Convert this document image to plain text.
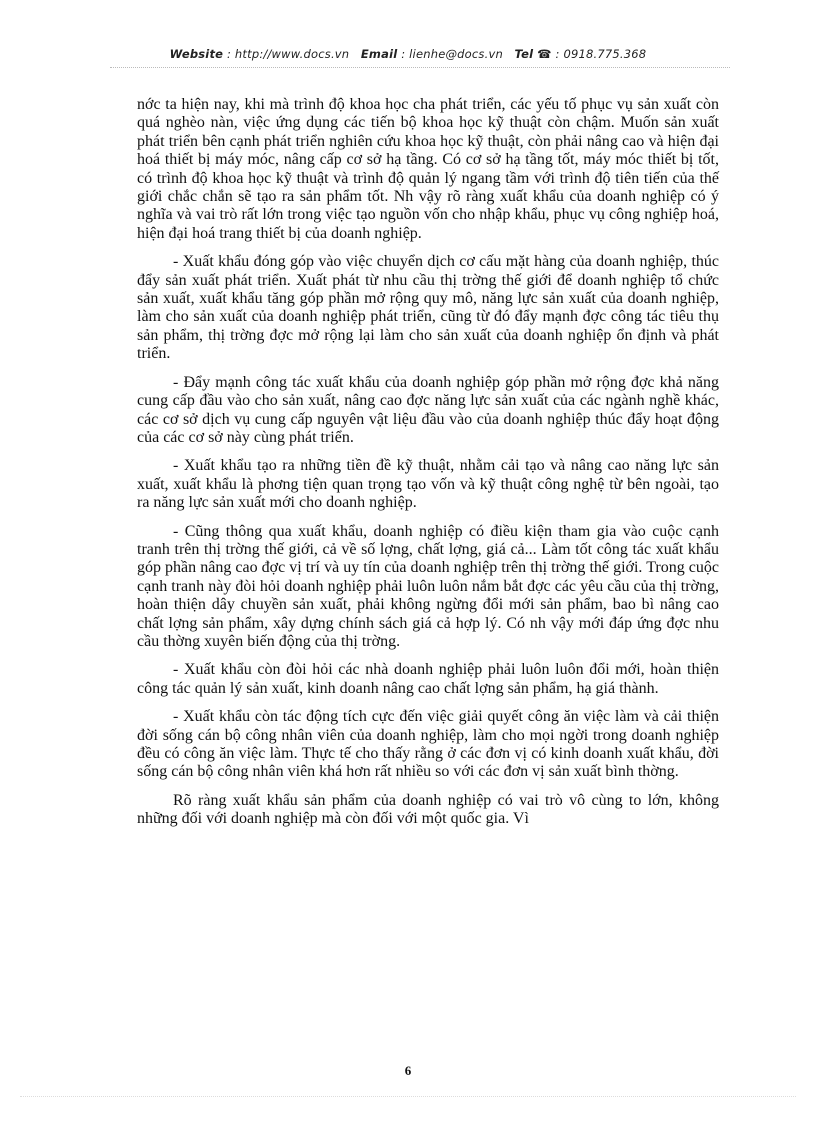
Website : http://www.docs.vn Email : lienhe@docs.vn Tel ☎ : 0918.775.368

nớc ta hiện nay, khi mà trình độ khoa học cha phát triển, các yếu tố phục vụ sản xuất còn quá nghèo nàn, việc ứng dụng các tiến bộ khoa học kỹ thuật còn chậm. Muốn sản xuất phát triển bên cạnh phát triển nghiên cứu khoa học kỹ thuật, còn phải nâng cao và hiện đại hoá thiết bị máy móc, nâng cấp cơ sở hạ tầng. Có cơ sở hạ tầng tốt, máy móc thiết bị tốt, có trình độ khoa học kỹ thuật và trình độ quản lý ngang tầm với trình độ tiên tiến của thế giới chắc chắn sẽ tạo ra sản phẩm tốt. Nh vậy rõ ràng xuất khẩu của doanh nghiệp có ý nghĩa và vai trò rất lớn trong việc tạo nguồn vốn cho nhập khẩu, phục vụ công nghiệp hoá, hiện đại hoá trang thiết bị của doanh nghiệp.

- Xuất khẩu đóng góp vào việc chuyển dịch cơ cấu mặt hàng của doanh nghiệp, thúc đẩy sản xuất phát triển. Xuất phát từ nhu cầu thị trờng thế giới để doanh nghiệp tổ chức sản xuất, xuất khẩu tăng góp phần mở rộng quy mô, năng lực sản xuất của doanh nghiệp, làm cho sản xuất của doanh nghiệp phát triển, cũng từ đó đẩy mạnh đợc công tác tiêu thụ sản phẩm, thị trờng đợc mở rộng lại làm cho sản xuất của doanh nghiệp ổn định và phát triển.

- Đẩy mạnh công tác xuất khẩu của doanh nghiệp góp phần mở rộng đợc khả năng cung cấp đầu vào cho sản xuất, nâng cao đợc năng lực sản xuất của các ngành nghề khác, các cơ sở dịch vụ cung cấp nguyên vật liệu đầu vào của doanh nghiệp thúc đẩy hoạt động của các cơ sở này cùng phát triển.

- Xuất khẩu tạo ra những tiền đề kỹ thuật, nhằm cải tạo và nâng cao năng lực sản xuất, xuất khẩu là phơng tiện quan trọng tạo vốn và kỹ thuật công nghệ từ bên ngoài, tạo ra năng lực sản xuất mới cho doanh nghiệp.

- Cũng thông qua xuất khẩu, doanh nghiệp có điều kiện tham gia vào cuộc cạnh tranh trên thị trờng thế giới, cả về số lợng, chất lợng, giá cả... Làm tốt công tác xuất khẩu góp phần nâng cao đợc vị trí và uy tín của doanh nghiệp trên thị trờng thế giới. Trong cuộc cạnh tranh này đòi hỏi doanh nghiệp phải luôn luôn nắm bắt đợc các yêu cầu của thị trờng, hoàn thiện dây chuyền sản xuất, phải không ngừng đổi mới sản phẩm, bao bì nâng cao chất lợng sản phẩm, xây dựng chính sách giá cả hợp lý. Có nh vậy mới đáp ứng đợc nhu cầu thờng xuyên biến động của thị trờng.

- Xuất khẩu còn đòi hỏi các nhà doanh nghiệp phải luôn luôn đổi mới, hoàn thiện công tác quản lý sản xuất, kinh doanh nâng cao chất lợng sản phẩm, hạ giá thành.

- Xuất khẩu còn tác động tích cực đến việc giải quyết công ăn việc làm và cải thiện đời sống cán bộ công nhân viên của doanh nghiệp, làm cho mọi ngời trong doanh nghiệp đều có công ăn việc làm. Thực tế cho thấy rằng ở các đơn vị có kinh doanh xuất khẩu, đời sống cán bộ công nhân viên khá hơn rất nhiều so với các đơn vị sản xuất bình thờng.

Rõ ràng xuất khẩu sản phẩm của doanh nghiệp có vai trò vô cùng to lớn, không những đối với doanh nghiệp mà còn đối với một quốc gia. Vì

6
